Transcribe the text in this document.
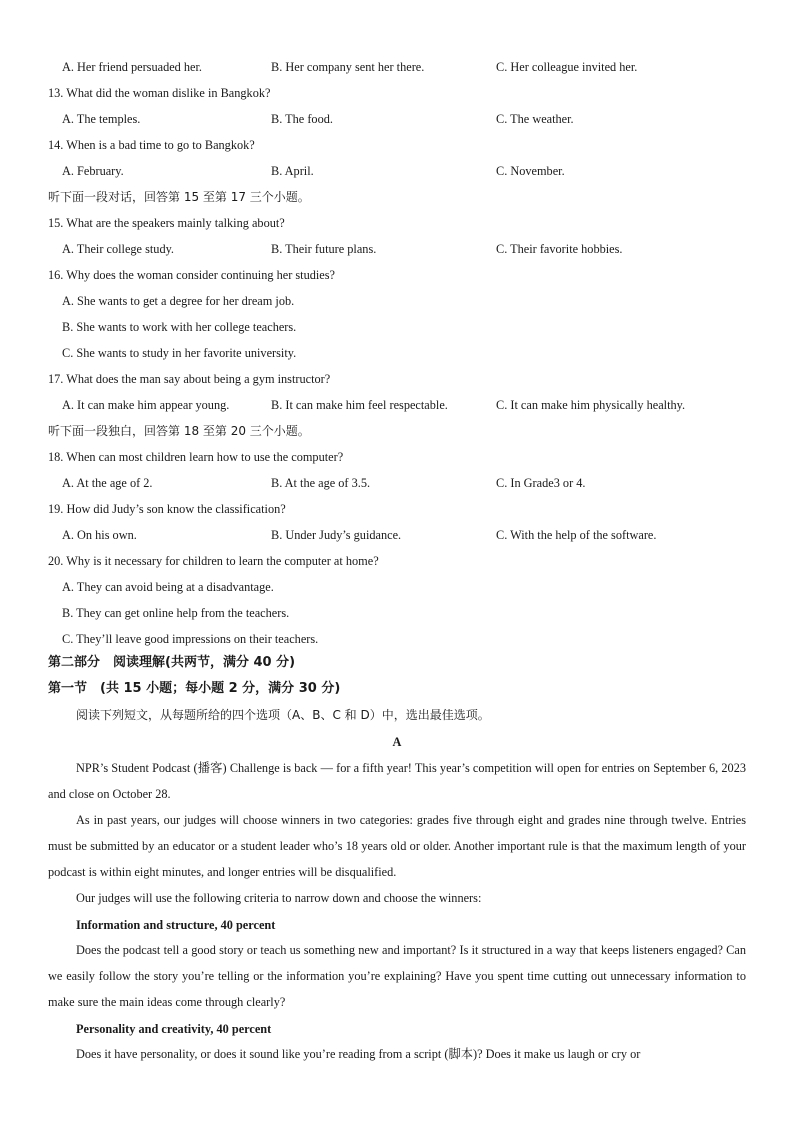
A. Her friend persuaded her.	B. Her company sent her there.	C. Her colleague invited her.
13. What did the woman dislike in Bangkok?
A. The temples.	B. The food.	C. The weather.
14. When is a bad time to go to Bangkok?
A. February.	B. April.	C. November.
听下面一段对话，回答第 15 至第 17 三个小题。
15. What are the speakers mainly talking about?
A. Their college study.	B. Their future plans.	C. Their favorite hobbies.
16. Why does the woman consider continuing her studies?
A. She wants to get a degree for her dream job.
B. She wants to work with her college teachers.
C. She wants to study in her favorite university.
17. What does the man say about being a gym instructor?
A. It can make him appear young.	B. It can make him feel respectable.	C. It can make him physically healthy.
听下面一段独白，回答第 18 至第 20 三个小题。
18. When can most children learn how to use the computer?
A. At the age of 2.	B. At the age of 3.5.	C. In Grade3 or 4.
19. How did Judy’s son know the classification?
A. On his own.	B. Under Judy’s guidance.	C. With the help of the software.
20. Why is it necessary for children to learn the computer at home?
A. They can avoid being at a disadvantage.
B. They can get online help from the teachers.
C. They’ll leave good impressions on their teachers.
第二部分　阅读理解(共两节，满分 40 分)
第一节　(共 15 小题；每小题 2 分，满分 30 分)
阅读下列短文，从每题所给的四个选项（A、B、C 和 D）中，选出最佳选项。
A
NPR’s Student Podcast (播客) Challenge is back — for a fifth year! This year’s competition will open for entries on September 6, 2023 and close on October 28.
As in past years, our judges will choose winners in two categories: grades five through eight and grades nine through twelve. Entries must be submitted by an educator or a student leader who’s 18 years old or older. Another important rule is that the maximum length of your podcast is within eight minutes, and longer entries will be disqualified.
Our judges will use the following criteria to narrow down and choose the winners:
Information and structure, 40 percent
Does the podcast tell a good story or teach us something new and important? Is it structured in a way that keeps listeners engaged? Can we easily follow the story you’re telling or the information you’re explaining? Have you spent time cutting out unnecessary information to make sure the main ideas come through clearly?
Personality and creativity, 40 percent
Does it have personality, or does it sound like you’re reading from a script (脚本)? Does it make us laugh or cry or
